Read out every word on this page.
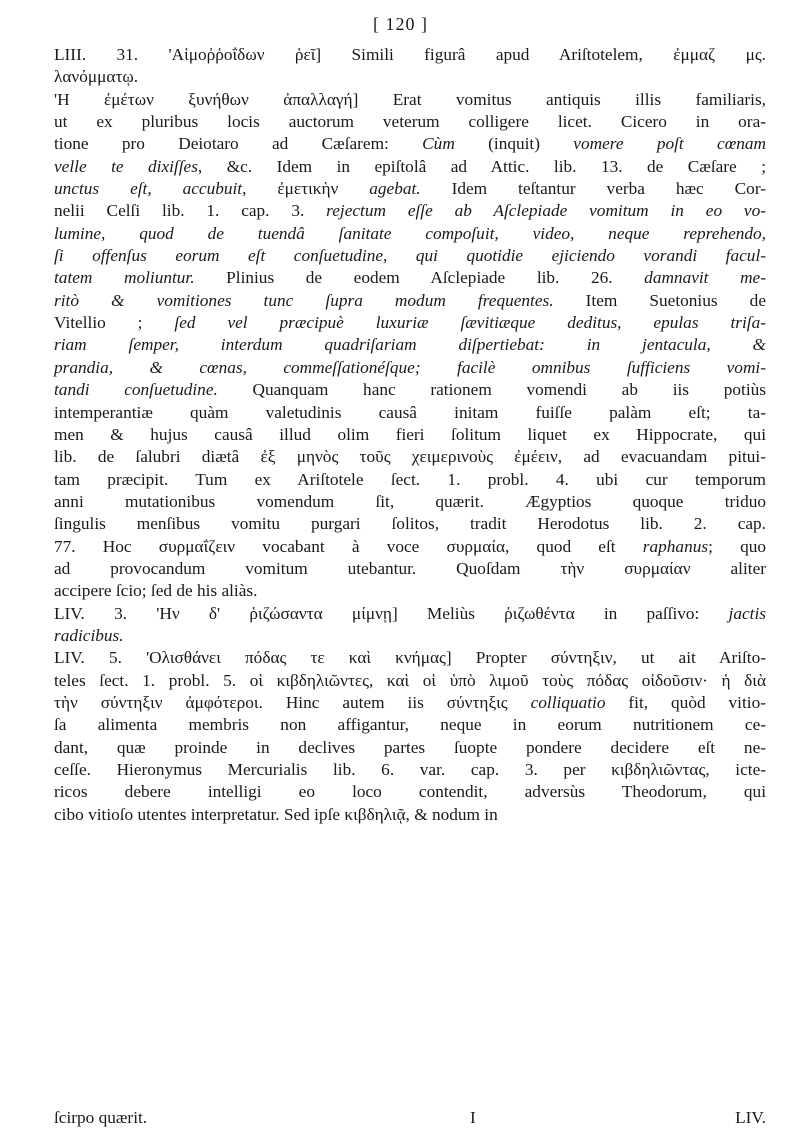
[ 120 ]
LIII. 31. 'Αἱμοῤῥοΐδων ῥεῖ] Simili figurâ apud Ariſtotelem, ἐμμαζ μς.
λανόμματῳ.
'Η ἐμέτων ξυνήθων ἀπαλλαγή] Erat vomitus antiquis illis familiaris,
ut ex pluribus locis auctorum veterum colligere licet. Cicero in ora-
tione pro Deiotaro ad Cæſarem: Cùm (inquit) vomere poſt cœnam
velle te dixiſſes, &c. Idem in epiſtolâ ad Attic. lib. 13. de Cæſare ;
unctus eſt, accubuit, ἐμετικὴν agebat. Idem teſtantur verba hæc Cor-
nelii Celſi lib. 1. cap. 3. rejectum eſſe ab Aſclepiade vomitum in eo vo-
lumine, quod de tuendâ ſanitate compoſuit, video, neque reprehendo,
ſi offenſus eorum eſt conſuetudine, qui quotidie ejiciendo vorandi facul-
tatem moliuntur. Plinius de eodem Aſclepiade lib. 26. damnavit me-
ritò & vomitiones tunc ſupra modum frequentes. Item Suetonius de
Vitellio ; ſed vel præcipuè luxuriæ ſævitiæque deditus, epulas triſa-
riam ſemper, interdum quadriſariam diſpertiebat: in jentacula, &
prandia, & cœnas, commeſſationéſque; facilè omnibus ſufficiens vomi-
tandi conſuetudine. Quanquam hanc rationem vomendi ab iis potiùs
intemperantiæ quàm valetudinis causâ initam fuiſſe palàm eſt; ta-
men & hujus causâ illud olim fieri ſolitum liquet ex Hippocrate, qui
lib. de ſalubri diætâ ἐξ μηνὸς τοῦς χειμερινοὺς ἐμέειν, ad evacuandam pitui-
tam præcipit. Tum ex Ariſtotele ſect. 1. probl. 4. ubi cur temporum
anni mutationibus vomendum ſit, quærit. Ægyptios quoque triduo
ſingulis menſibus vomitu purgari ſolitos, tradit Herodotus lib. 2. cap.
77. Hoc συρμαΐζειν vocabant à voce συρμαία, quod eſt raphanus; quo
ad provocandum vomitum utebantur. Quoſdam τὴν συρμαίαν aliter
accipere ſcio; ſed de his aliàs.
LIV. 3. 'Ην δ' ῥιζώσαντα μίμνῃ] Meliùs ῥιζωθέντα in paſſivo: jactis
radicibus.
LIV. 5. 'Ολισθάνει πόδας τε καὶ κνήμας] Propter σύντηξιν, ut ait Ariſto-
teles ſect. 1. probl. 5. οἱ κιβδηλιῶντες, καὶ οἱ ὑπὸ λιμοῦ τοὺς πόδας οἰδοῦσιν· ἡ διὰ
τὴν σύντηξιν ἀμφότεροι. Hinc autem iis σύντηξις colliquatio fit, quòd vitio-
ſa alimenta membris non affigantur, neque in eorum nutritionem ce-
dant, quæ proinde in declives partes ſuopte pondere decidere eſt ne-
ceſſe. Hieronymus Mercurialis lib. 6. var. cap. 3. per κιβδηλιῶντας, icte-
ricos debere intelligi eo loco contendit, adversùs Theodorum, qui
cibo vitioſo utentes interpretatur. Sed ipſe κιβδηλιᾷ, & nodum in
ſcirpo quærit.	I	LIV.
